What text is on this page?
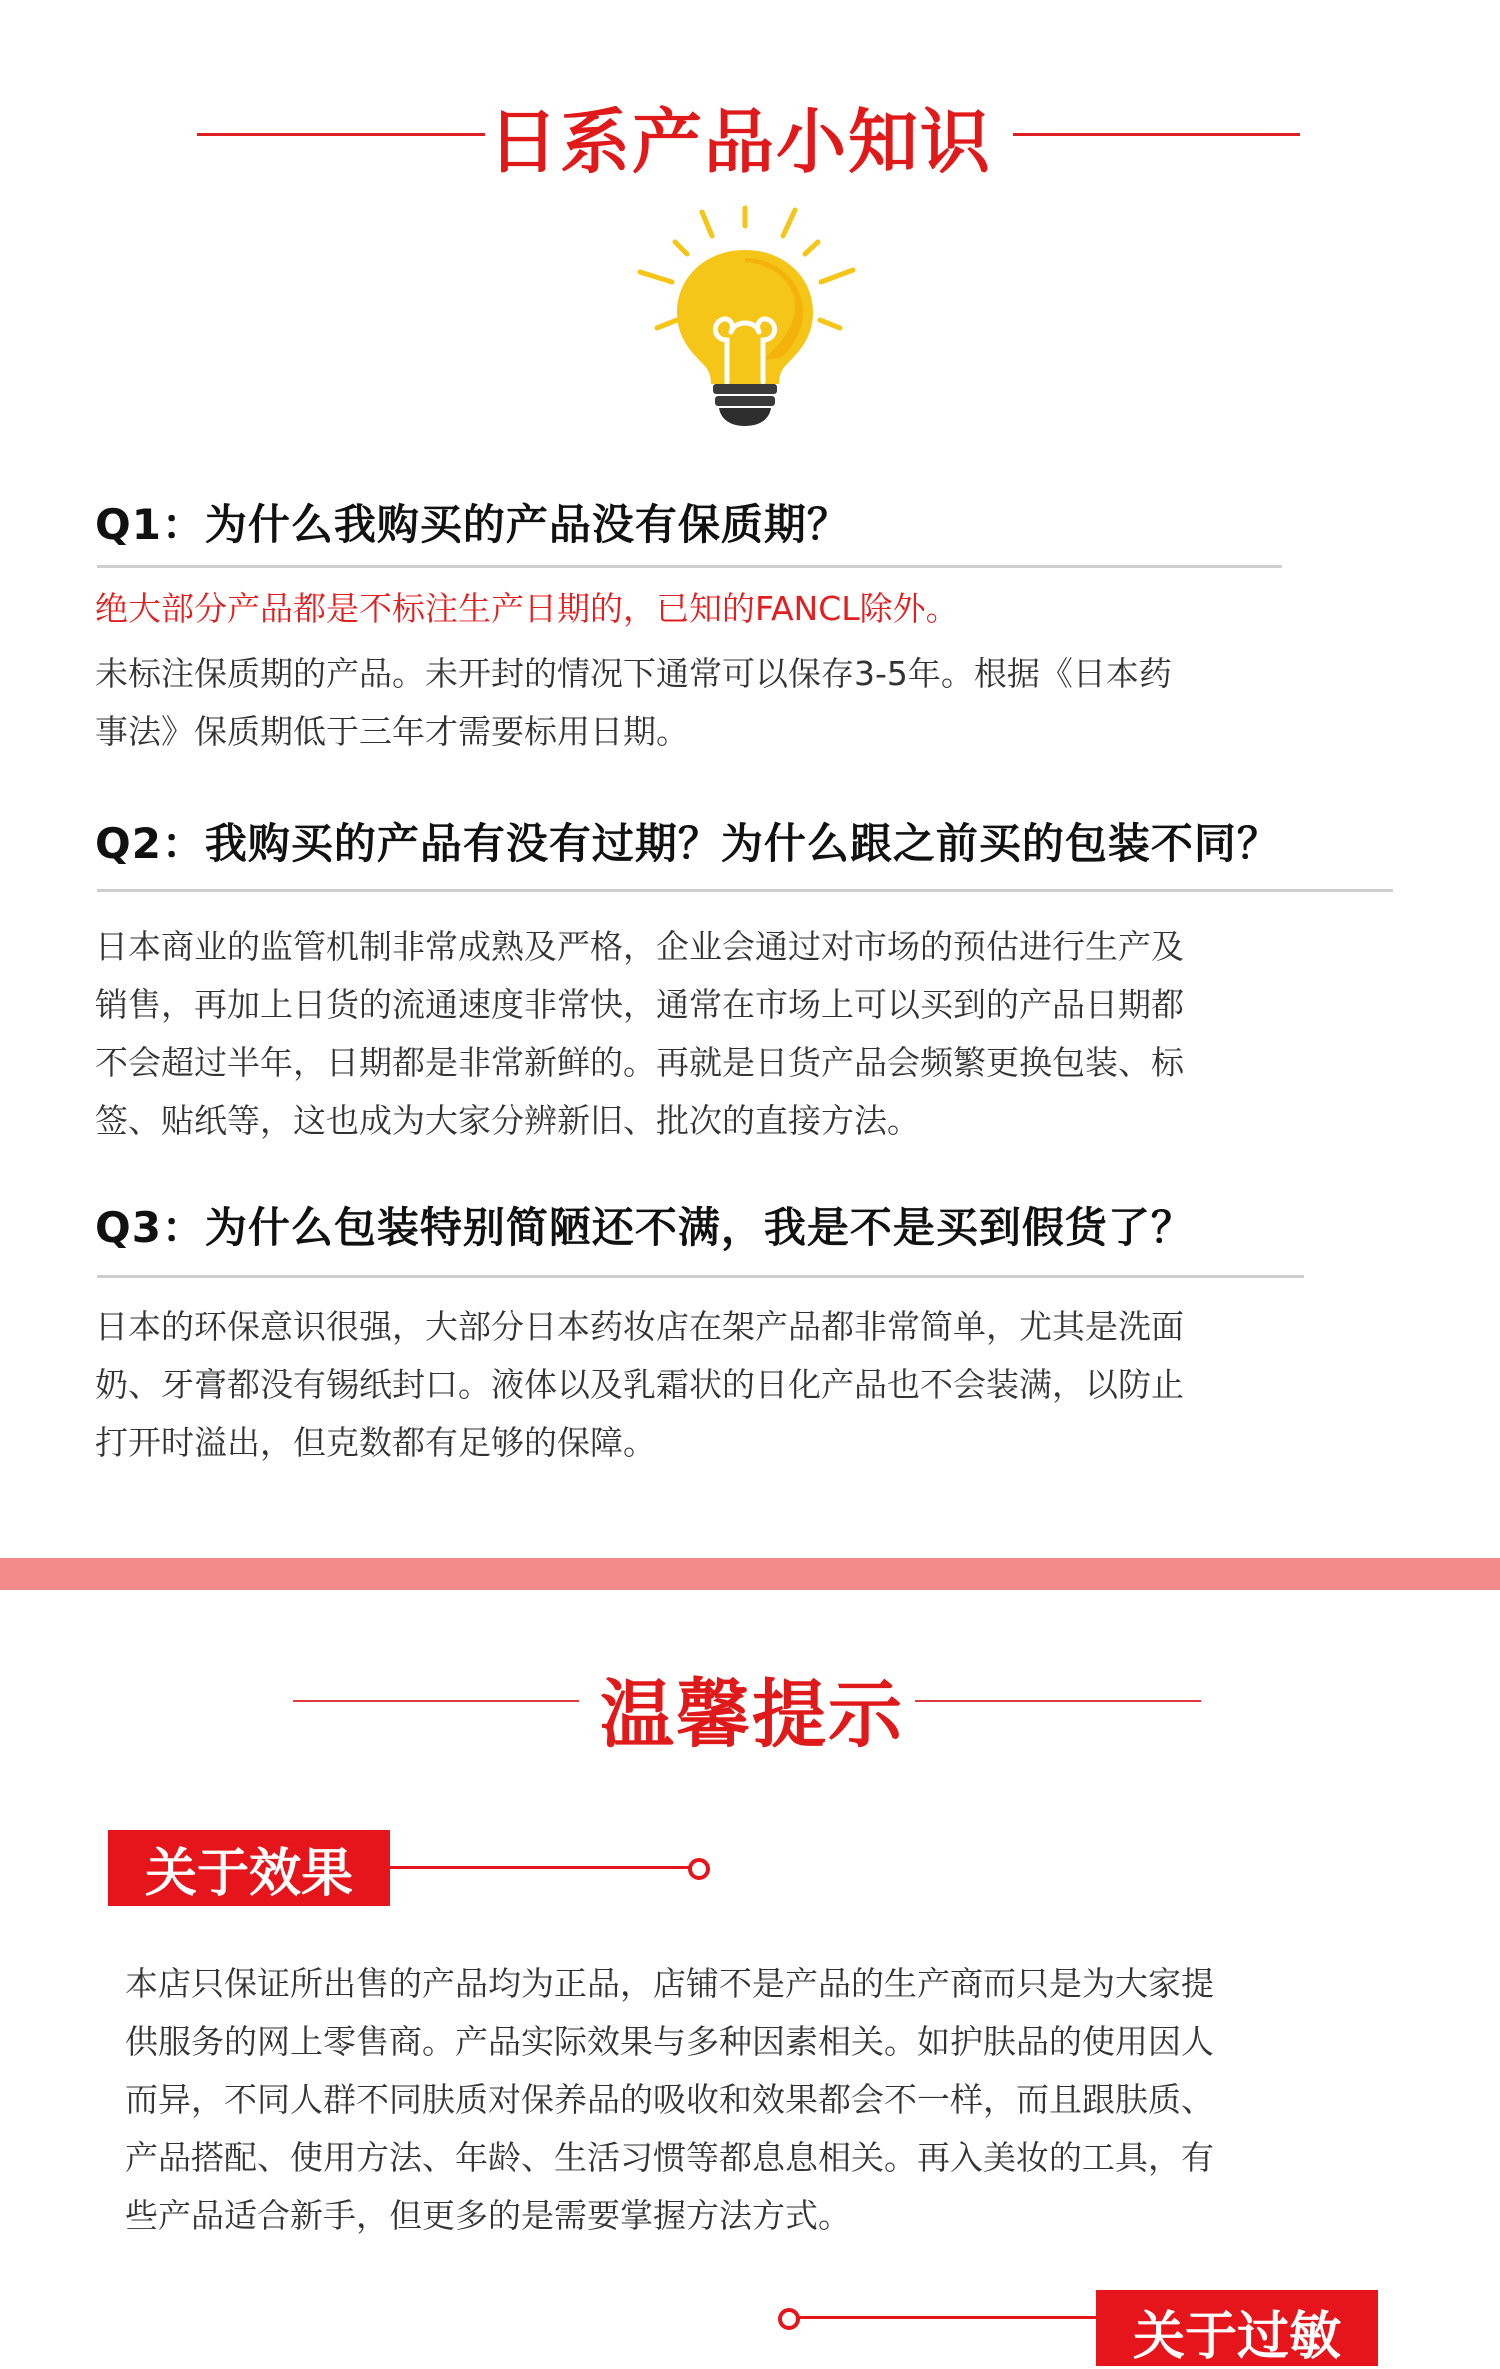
日系产品小知识
Q1：为什么我购买的产品没有保质期？
绝大部分产品都是不标注生产日期的，已知的FANCL除外。
未标注保质期的产品。未开封的情况下通常可以保存3-5年。根据《日本药
事法》保质期低于三年才需要标用日期。
Q2：我购买的产品有没有过期？为什么跟之前买的包装不同？
日本商业的监管机制非常成熟及严格，企业会通过对市场的预估进行生产及
销售，再加上日货的流通速度非常快，通常在市场上可以买到的产品日期都
不会超过半年，日期都是非常新鲜的。再就是日货产品会频繁更换包装、标
签、贴纸等，这也成为大家分辨新旧、批次的直接方法。
Q3：为什么包装特别简陋还不满，我是不是买到假货了？
日本的环保意识很强，大部分日本药妆店在架产品都非常简单，尤其是洗面
奶、牙膏都没有锡纸封口。液体以及乳霜状的日化产品也不会装满，以防止
打开时溢出，但克数都有足够的保障。
温馨提示
关于效果
本店只保证所出售的产品均为正品，店铺不是产品的生产商而只是为大家提
供服务的网上零售商。产品实际效果与多种因素相关。如护肤品的使用因人
而异，不同人群不同肤质对保养品的吸收和效果都会不一样，而且跟肤质、
产品搭配、使用方法、年龄、生活习惯等都息息相关。再入美妆的工具，有
些产品适合新手，但更多的是需要掌握方法方式。
关于过敏
